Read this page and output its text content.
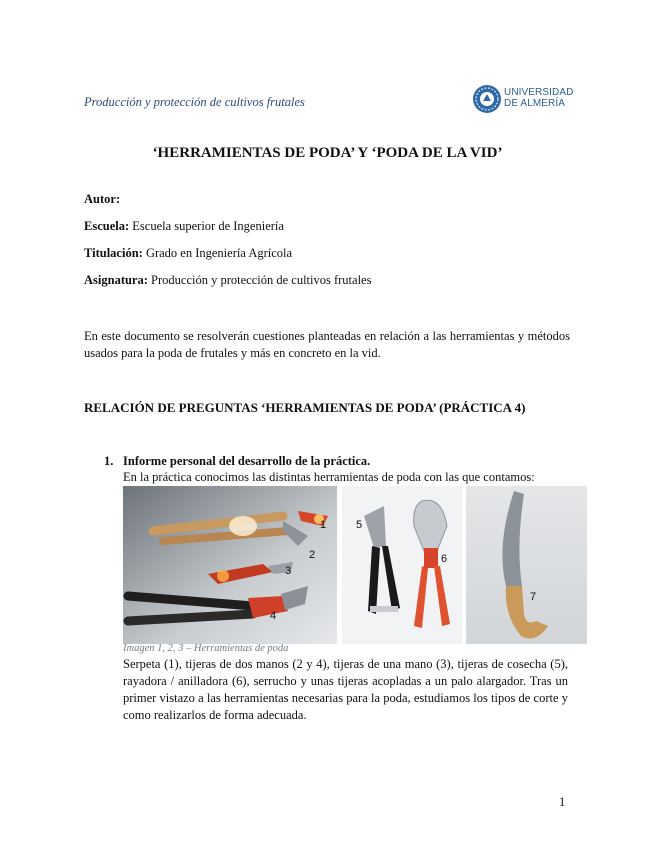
Producción y protección de cultivos frutales
UNIVERSIDAD
DE ALMERÍA
‘HERRAMIENTAS DE PODA’ Y ‘PODA DE LA VID’
Autor:
Escuela: Escuela superior de Ingeniería
Titulación: Grado en Ingeniería Agrícola
Asignatura: Producción y protección de cultivos frutales
En este documento se resolverán cuestiones planteadas en relación a las herramientas y métodos usados para la poda de frutales y más en concreto en la vid.
RELACIÓN DE PREGUNTAS ‘HERRAMIENTAS DE PODA’ (PRÁCTICA 4)
1. Informe personal del desarrollo de la práctica.
En la práctica conocimos las distintas herramientas de poda con las que contamos:
1
2
3
4
5
6
7
Imagen 1, 2, 3 – Herramientas de poda
Serpeta (1), tijeras de dos manos (2 y 4), tijeras de una mano (3), tijeras de cosecha (5), rayadora / anilladora (6), serrucho y unas tijeras acopladas a un palo alargador. Tras un primer vistazo a las herramientas necesarias para la poda, estudiamos los tipos de corte y como realizarlos de forma adecuada.
1
